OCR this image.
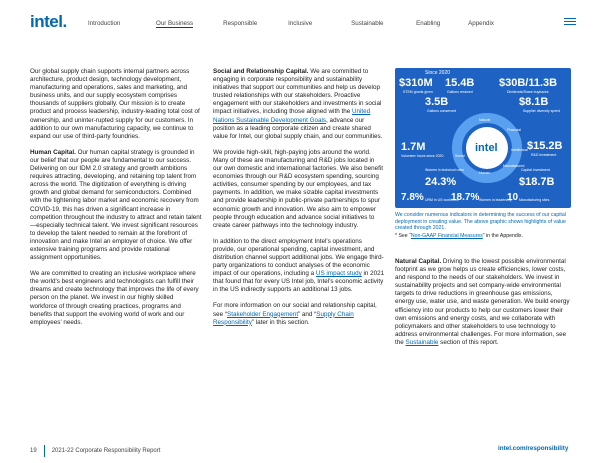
intel.	Introduction	Our Business	Responsible	Inclusive	Sustainable	Enabling	Appendix

Our global supply chain supports internal partners across architecture, product design, technology development, manufacturing and operations, sales and marketing, and business units, and our supply ecosystem comprises thousands of suppliers globally. Our mission is to create product and process leadership, industry-leading total cost of ownership, and uninter-rupted supply for our customers. In addition to our own manufacturing capacity, we continue to expand our use of third-party foundries.

Human Capital. Our human capital strategy is grounded in our belief that our people are fundamental to our success. Delivering on our IDM 2.0 strategy and growth ambitions requires attracting, developing, and retaining top talent from across the world. The digitization of everything is driving growth and global demand for semiconductors. Combined with the tightening labor market and economic recovery from COVID-19, this has driven a significant increase in competition throughout the industry to attract and retain talent—especially technical talent. We invest significant resources to develop the talent needed to remain at the forefront of innovation and make Intel an employer of choice. We offer extensive training programs and provide rotational assignment opportunities.

We are committed to creating an inclusive workplace where the world's best engineers and technologists can fulfill their dreams and create technology that improves the life of every person on the planet. We invest in our highly skilled workforce of through creating practices, programs and benefits that support the evolving world of work and our employees' needs.

Social and Relationship Capital. We are committed to engaging in corporate responsibility and sustainability initiatives that support our communities and help us develop trusted relationships with our stakeholders. Proactive engagement with our stakeholders and investments in social impact initiatives, including those aligned with the United Nations Sustainable Development Goals, advance our position as a leading corporate citizen and create shared value for Intel, our global supply chain, and our communities.

We provide high-skill, high-paying jobs around the world. Many of these are manufacturing and R&D jobs located in our own domestic and international factories. We also benefit economies through our R&D ecosystem spending, sourcing activities, consumer spending by our employees, and tax payments. In addition, we make sizable capital investments and provide leadership in public-private partnerships to spur economic growth and innovation. We also aim to empower people through education and advance social initiatives to create career pathways into the technology industry.

In addition to the direct employment Intel's operations provide, our operational spending, capital investment, and distribution channel support additional jobs. We engage third-party organizations to conduct analyses of the economic impact of our operations, including a US impact study in 2021 that found that for every US Intel job, Intel's economic activity in the US indirectly supports an additional 13 jobs.

For more information on our social and relationship capital, see “Stakeholder Engagement” and “Supply Chain Responsibility” later in this section.

Since 2020
$310M
STEM grants given
15.4B
Gallons restored
$30B/11.3B
Dividends/Share buybacks
3.5B
Gallons conserved
$8.1B
Supplier diversity spend
1.7M
Volunteer hours since 2020
$15.2B
R&D investment
24.3%
Women in technical roles
$18.7B
Capital investment
7.8% URM in US workforce
18.7% Women in leadership
10 Manufacturing sites
intel
Natural
Financial
Human
Manufactured
Intellectual
Social
We consider numerous indicators in determining the success of our capital deployment in creating value. The above graphic shows highlights of value created through 2021.
* See “Non-GAAP Financial Measures” in the Appendix.

Natural Capital. Driving to the lowest possible environmental footprint as we grow helps us create efficiencies, lower costs, and respond to the needs of our stakeholders. We invest in sustainability projects and set company-wide environmental targets to drive reductions in greenhouse gas emissions, energy use, water use, and waste generation. We build energy efficiency into our products to help our customers lower their own emissions and energy costs, and we collaborate with policymakers and other stakeholders to use technology to address environmental challenges. For more information, see the Sustainable section of this report.

19	2021-22 Corporate Responsibility Report	intel.com/responsibility
